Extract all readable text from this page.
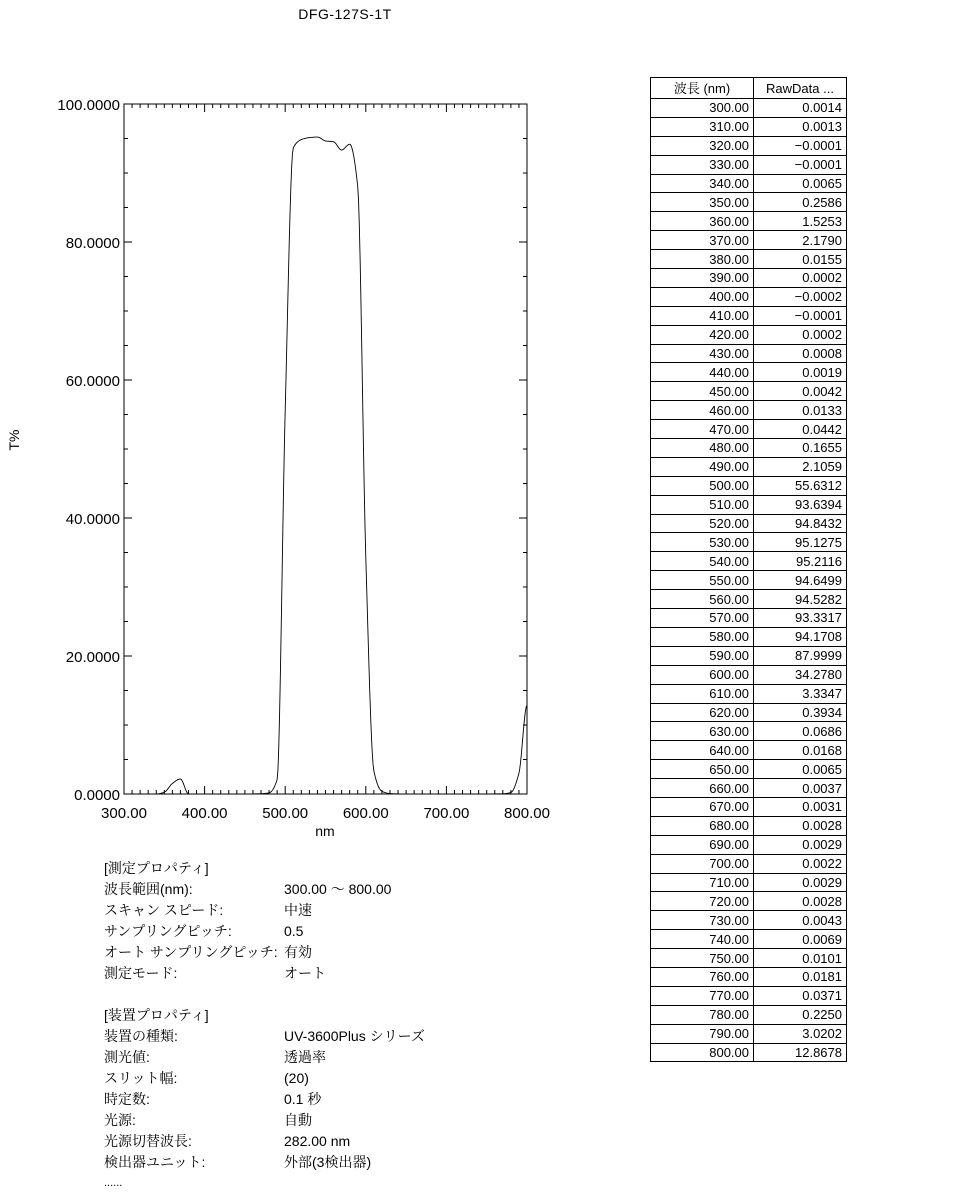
DFG-127S-1T
300.00 400.00 500.00 600.00 700.00 800.00
0.0000
20.0000
40.0000
60.0000
80.0000
100.0000
nm
T%
波長 (nm)	RawData ...
300.00	0.0014
310.00	0.0013
320.00	−0.0001
330.00	−0.0001
340.00	0.0065
350.00	0.2586
360.00	1.5253
370.00	2.1790
380.00	0.0155
390.00	0.0002
400.00	−0.0002
410.00	−0.0001
420.00	0.0002
430.00	0.0008
440.00	0.0019
450.00	0.0042
460.00	0.0133
470.00	0.0442
480.00	0.1655
490.00	2.1059
500.00	55.6312
510.00	93.6394
520.00	94.8432
530.00	95.1275
540.00	95.2116
550.00	94.6499
560.00	94.5282
570.00	93.3317
580.00	94.1708
590.00	87.9999
600.00	34.2780
610.00	3.3347
620.00	0.3934
630.00	0.0686
640.00	0.0168
650.00	0.0065
660.00	0.0037
670.00	0.0031
680.00	0.0028
690.00	0.0029
700.00	0.0022
710.00	0.0029
720.00	0.0028
730.00	0.0043
740.00	0.0069
750.00	0.0101
760.00	0.0181
770.00	0.0371
780.00	0.2250
790.00	3.0202
800.00	12.8678
[測定プロパティ]
波長範囲(nm):	300.00 ～ 800.00
スキャン スピード:	中速
サンプリングピッチ:	0.5
オート サンプリングピッチ: 有効
測定モード:	オート
[装置プロパティ]
装置の種類:	UV-3600Plus シリーズ
測光値:	透過率
スリット幅:	(20)
時定数:	0.1 秒
光源:	自動
光源切替波長:	282.00 nm
検出器ユニット:	外部(3検出器)
......
